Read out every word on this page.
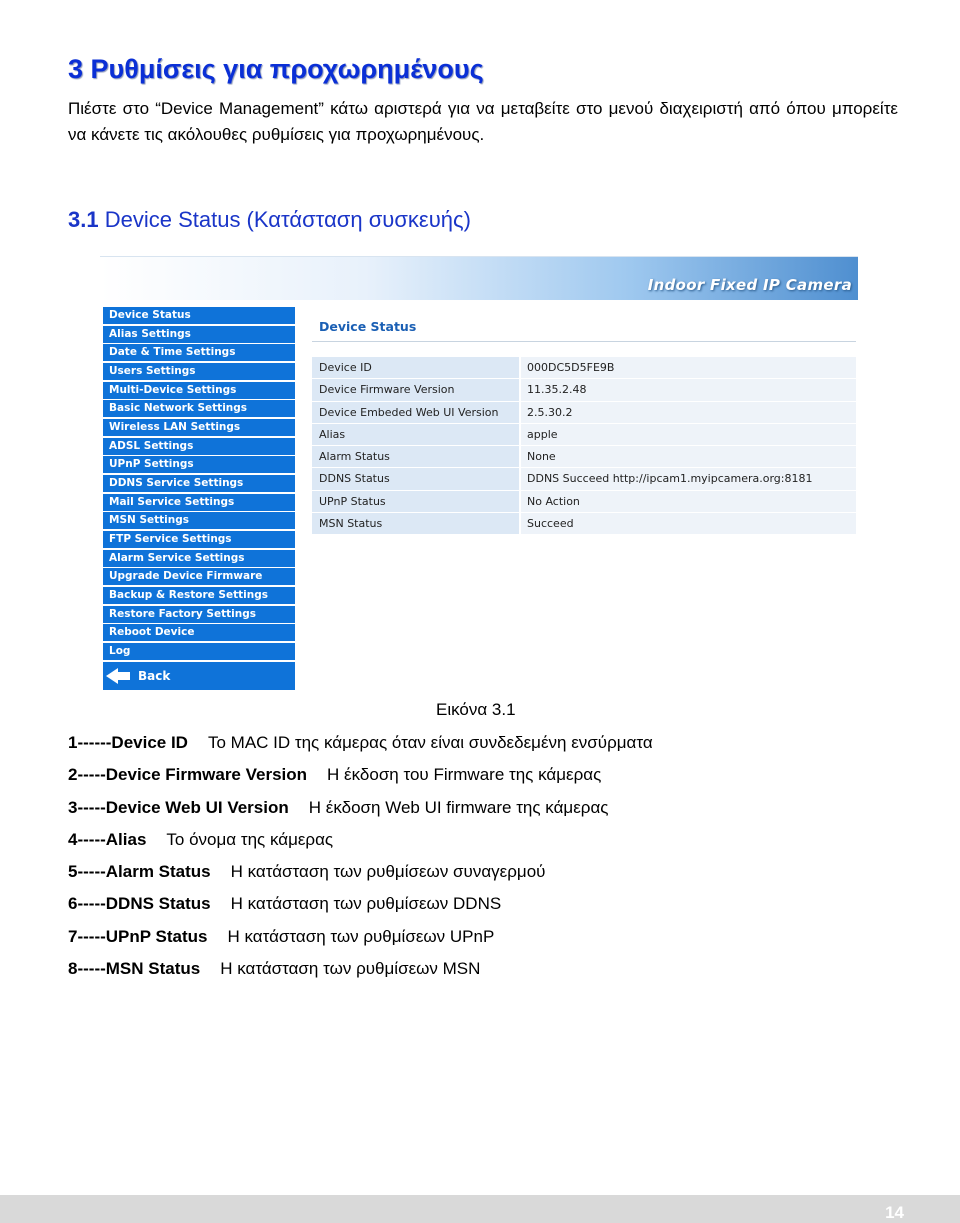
3 Ρυθμίσεις για προχωρημένους
Πιέστε στο “Device Management” κάτω αριστερά για να μεταβείτε στο μενού διαχειριστή από όπου μπορείτε να κάνετε τις ακόλουθες ρυθμίσεις για προχωρημένους.
3.1 Device Status (Κατάσταση συσκευής)
Indoor Fixed IP Camera
Device Status
Alias Settings
Date & Time Settings
Users Settings
Multi-Device Settings
Basic Network Settings
Wireless LAN Settings
ADSL Settings
UPnP Settings
DDNS Service Settings
Mail Service Settings
MSN Settings
FTP Service Settings
Alarm Service Settings
Upgrade Device Firmware
Backup & Restore Settings
Restore Factory Settings
Reboot Device
Log
Back
Device Status
Device ID	000DC5D5FE9B
Device Firmware Version	11.35.2.48
Device Embeded Web UI Version	2.5.30.2
Alias	apple
Alarm Status	None
DDNS Status	DDNS Succeed http://ipcam1.myipcamera.org:8181
UPnP Status	No Action
MSN Status	Succeed
Εικόνα 3.1
1------Device ID Το MAC ID της κάμερας όταν είναι συνδεδεμένη ενσύρματα
2-----Device Firmware Version Η έκδοση του Firmware της κάμερας
3-----Device Web UI Version Η έκδοση Web UI firmware της κάμερας
4-----Alias Το όνομα της κάμερας
5-----Alarm Status Η κατάσταση των ρυθμίσεων συναγερμού
6-----DDNS Status Η κατάσταση των ρυθμίσεων DDNS
7-----UPnP Status Η κατάσταση των ρυθμίσεων UPnP
8-----MSN Status Η κατάσταση των ρυθμίσεων MSN
14
